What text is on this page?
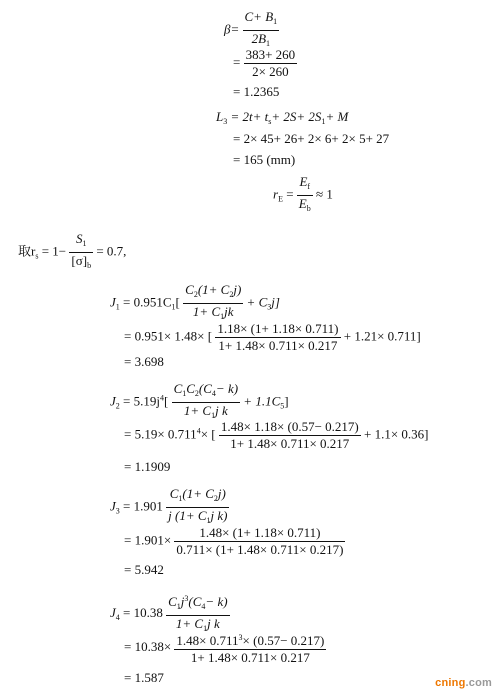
$\beta= \frac{C+ B_1}{2B_1}$
= $\frac{383+ 260}{2\times 260}$
= 1.2365
$L_3 = 2t+ t_s+ 2S+ 2S_1+ M$
= 2× 45+ 26+ 2× 6+ 2× 5+ 27
= 165 (mm)
$r_E = \frac{E_f}{E_b} \approx 1$
取$r_s = 1- \frac{S_1}{[\sigma]_b} = 0.7$,
$J_1 = 0.951C_1[ \frac{C_2(1+ C_2j)}{1+ C_1jk} + C_3j]$
= 0.951× 1.48× [ $\frac{1.18\times (1+ 1.18\times 0.711)}{1+ 1.48\times 0.711\times 0.217} + 1.21\times 0.711$]
= 3.698
$J_2 = 5.19j^4[ \frac{C_1C_2(C_4- k)}{1+ C_1j k} + 1.1C_5]$
= $5.19\times 0.711^4\times$ [ $\frac{1.48\times 1.18\times (0.57- 0.217)}{1+ 1.48\times 0.711\times 0.217} + 1.1\times 0.36$]
= 1.1909
$J_3 = 1.901 \frac{C_1(1+ C_2j)}{j (1+ C_1j k)}$
= $1.901\times \frac{1.48\times (1+ 1.18\times 0.711)}{0.711\times (1+ 1.48\times 0.711\times 0.217)}$
= 5.942
$J_4 = 10.38 \frac{C_1j^3(C_4- k)}{1+ C_1j k}$
= $10.38\times \frac{1.48\times 0.711^3\times (0.57- 0.217)}{1+ 1.48\times 0.711\times 0.217}$
= 1.587	cning.com
